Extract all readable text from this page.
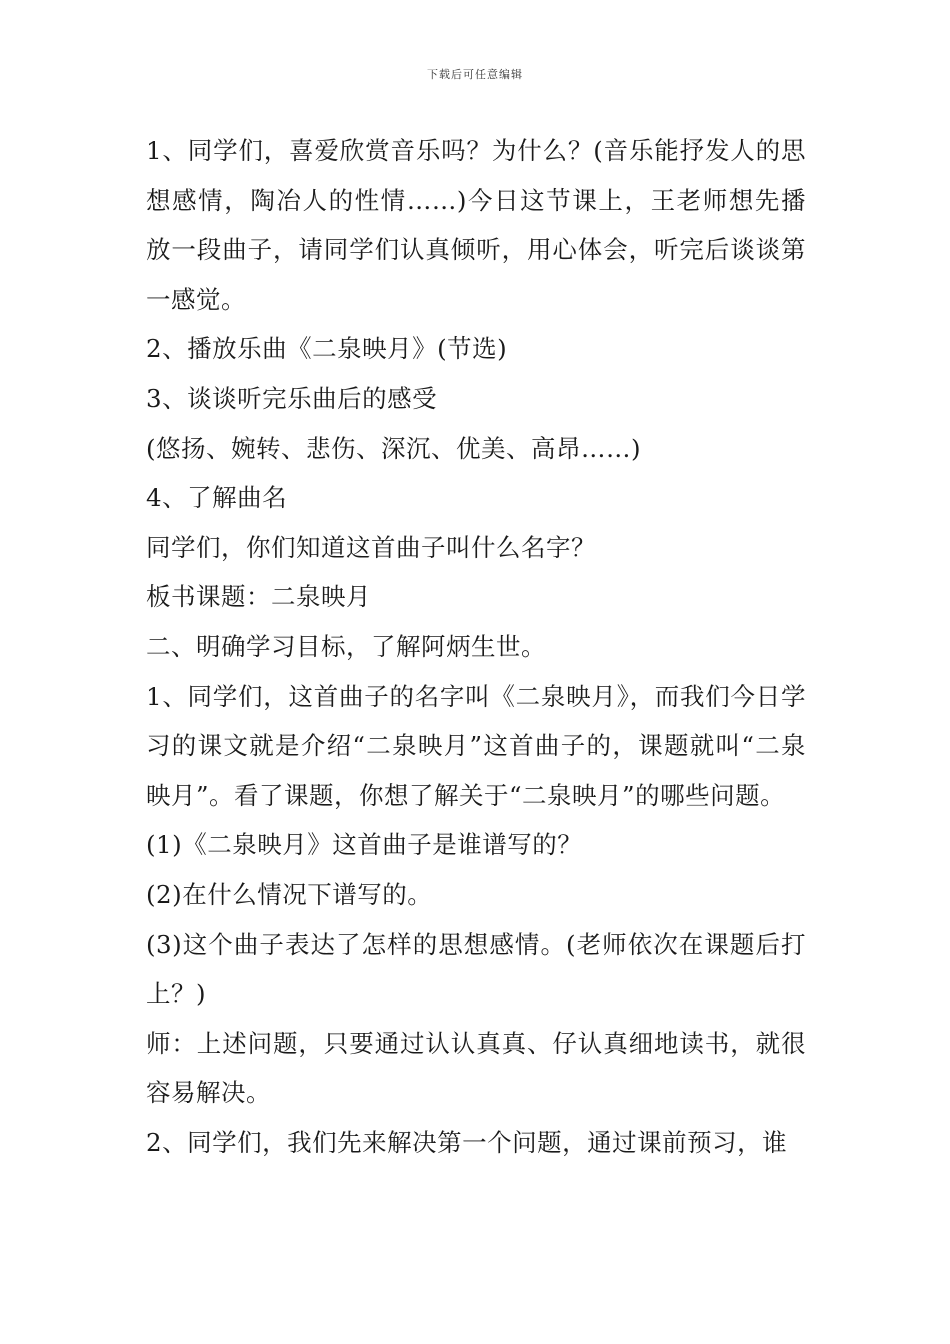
下载后可任意编辑

1、同学们，喜爱欣赏音乐吗？为什么？(音乐能抒发人的思想感情，陶冶人的性情……)今日这节课上，王老师想先播放一段曲子，请同学们认真倾听，用心体会，听完后谈谈第一感觉。

2、播放乐曲《二泉映月》(节选)

3、谈谈听完乐曲后的感受

(悠扬、婉转、悲伤、深沉、优美、高昂……)

4、了解曲名

同学们，你们知道这首曲子叫什么名字？

板书课题：二泉映月

二、明确学习目标，了解阿炳生世。

1、同学们，这首曲子的名字叫《二泉映月》，而我们今日学习的课文就是介绍“二泉映月”这首曲子的，课题就叫“二泉映月”。看了课题，你想了解关于“二泉映月”的哪些问题。

(1)《二泉映月》这首曲子是谁谱写的？

(2)在什么情况下谱写的。

(3)这个曲子表达了怎样的思想感情。(老师依次在课题后打上？)

师：上述问题，只要通过认认真真、仔认真细地读书，就很容易解决。

2、同学们，我们先来解决第一个问题，通过课前预习，谁
